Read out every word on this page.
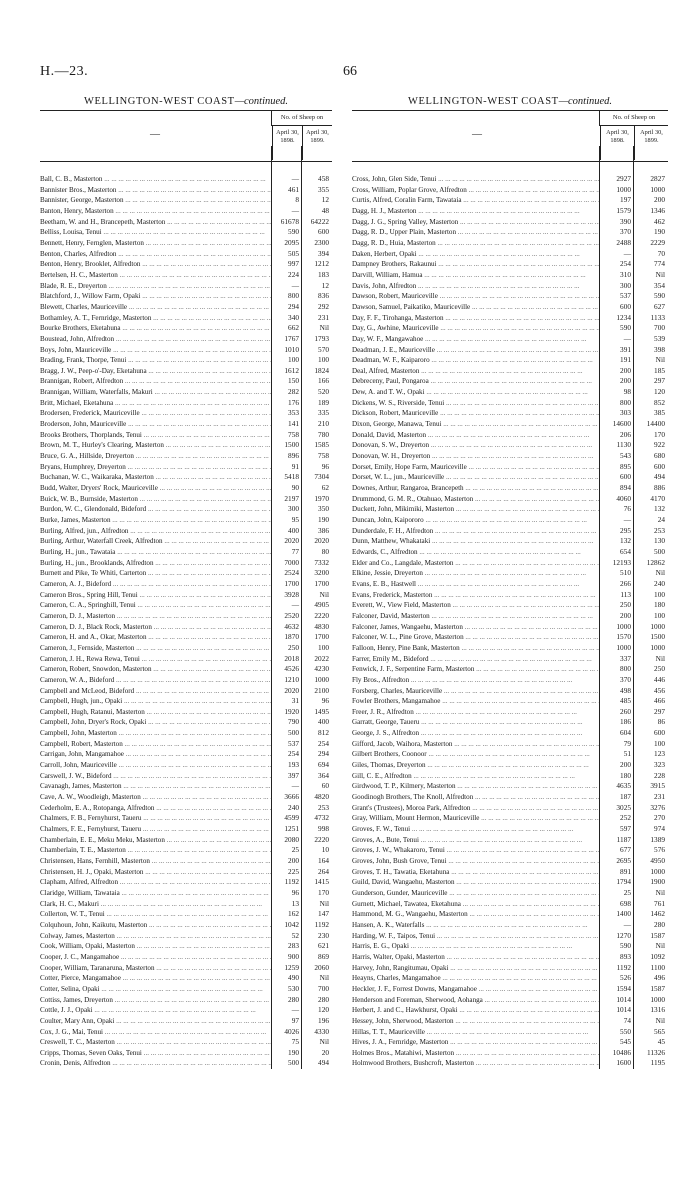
H.—23.	66
WELLINGTON-WEST COAST—continued.
—
No. of Sheep on
April 30, 1898.
April 30, 1899.
Ball, C. B., Masterton ... .	—	458
Bannister Bros., Masterton ... .	461	355
Bannister, George, Masterton ... .	8	12
Banton, Henry, Masterton ... .	—	48
Beetham, W. and H., Brancepeth, Masterton ... .	61678	64222
Belliss, Louisa, Tenui ... .	590	600
Bennett, Henry, Fernglen, Masterton ... .	2095	2300
Benton, Charles, Alfredton ... .	505	394
Benton, Henry, Brooklet, Alfredton ... .	997	1212
Bertelsen, H. C., Masterton ... .	224	183
Blade, R. E., Dreyerton ... .	—	12
Blatchford, J., Willow Farm, Opaki ... .	800	836
Blewett, Charles, Mauriceville ... .	294	292
Bothamley, A. T., Fernridge, Masterton ... .	340	231
Bourke Brothers, Eketahuna ... .	662	Nil
Boustead, John, Alfredton ... .	1767	1793
Boys, John, Mauriceville ... .	1010	570
Brading, Frank, Thorpe, Tenui ... .	100	100
Bragg, J. W., Peep-o'-Day, Eketahuna ... .	1612	1824
Brannigan, Robert, Alfredton ... .	150	166
Brannigan, William, Waterfalls, Makuri ... .	282	520
Britt, Michael, Eketahuna ... .	176	189
Brodersen, Frederick, Mauriceville ... .	353	335
Broderson, John, Mauriceville ... .	141	210
Brooks Brothers, Thorplands, Tenui ... .	758	780
Brown, M. T., Hurley's Clearing, Masterton ... .	1500	1585
Bruce, G. A., Hillside, Dreyerton ... .	896	758
Bryans, Humphrey, Dreyerton ... .	91	96
Buchanan, W. C., Waikaraka, Masterton ... .	5418	7304
Budd, Walter, Dryers' Rock, Mauriceville ... .	90	62
Buick, W. B., Burnside, Masterton ... .	2197	1970
Burdon, W. C., Glendonald, Bideford ... .	300	350
Burke, James, Masterton ... .	95	190
Burling, Alfred, jun., Alfredton ... .	400	386
Burling, Arthur, Waterfall Creek, Alfredton ... .	2020	2020
Burling, H., jun., Tawataia ... .	77	80
Burling, H., jun., Brooklands, Alfredton ... .	7000	7332
Burnett and Pike, Te Whiti, Carterton ... .	2524	3200
Cameron, A. J., Bideford ... .	1700	1700
Cameron Bros., Spring Hill, Tenui ... .	3928	Nil
Cameron, C. A., Springhill, Tenui ... .	—	4905
Cameron, D. J., Masterton ... .	2520	2220
Cameron, D. J., Black Rock, Masterton ... .	4632	4830
Cameron, H. and A., Okar, Masterton ... .	1870	1700
Cameron, J., Fernside, Masterton ... .	250	100
Cameron, J. H., Rewa Rewa, Tenui ... .	2018	2022
Cameron, Robert, Snowdon, Masterton ... .	4526	4230
Cameron, W. A., Bideford ... .	1210	1000
Campbell and McLeod, Bideford ... .	2020	2100
Campbell, Hugh, jun., Opaki ... .	31	96
Campbell, Hugh, Ratanui, Masterton ... .	1920	1495
Campbell, John, Dryer's Rock, Opaki ... .	790	400
Campbell, John, Masterton ... .	500	812
Campbell, Robert, Masterton ... .	537	254
Carrigan, John, Mangamahoe ... .	254	294
Carroll, John, Mauriceville ... .	193	694
Carswell, J. W., Bideford ... .	397	364
Cavanagh, James, Masterton ... .	—	60
Cave, A. W., Woodleigh, Masterton ... .	3666	4820
Cederholm, E. A., Rotopanga, Alfredton ... .	240	253
Chalmers, F. B., Fernyhurst, Taueru ... .	4599	4732
Chalmers, F. E., Fernyhurst, Taueru ... .	1251	998
Chamberlain, E. E., Meku Meku, Masterton ... .	2080	2220
Chamberlain, T. E., Masterton ... .	25	10
Christensen, Hans, Fernhill, Masterton ... .	200	164
Christensen, H. J., Opaki, Masterton ... .	225	264
Clapham, Alfred, Alfredton ... .	1192	1415
Claridge, William, Tawataia ... .	96	170
Clark, H. C., Makuri ... .	13	Nil
Collerton, W. T., Tenui ... .	162	147
Colquhoun, John, Kaikutu, Masterton ... .	1042	1192
Colway, James, Masterton ... .	52	230
Cook, William, Opaki, Masterton ... .	283	621
Cooper, J. C., Mangamahoe ... .	900	869
Cooper, William, Taranaruna, Masterton ... .	1259	2060
Cotter, Pierce, Mangamahoe ... .	490	Nil
Cotter, Selina, Opaki ... .	530	700
Cottiss, James, Dreyerton ... .	280	280
Cottle, J. J., Opaki ... .	—	120
Coulter, Mary Ann, Opaki ... .	97	196
Cox, J. G., Mai, Tenui ... .	4026	4330
Creswell, T. C., Masterton ... .	75	Nil
Cripps, Thomas, Seven Oaks, Tenui ... .	190	20
Cronin, Denis, Alfredton ... .	500	494
WELLINGTON-WEST COAST—continued.
—
No. of Sheep on
April 30, 1898.
April 30, 1899.
Cross, John, Glen Side, Tenui ... .	2927	2827
Cross, William, Poplar Grove, Alfredton ... .	1000	1000
Curtis, Alfred, Coralin Farm, Tawataia ... .	197	200
Dagg, H. J., Masterton ... .	1579	1346
Dagg, J. G., Spring Valley, Masterton ... .	390	462
Dagg, R. D., Upper Plain, Masterton ... .	370	190
Dagg, R. D., Huia, Masterton ... .	2488	2229
Daken, Herbert, Opaki ... .	—	70
Dampney Brothers, Rakaunui ... .	254	774
Darvill, William, Hamua ... .	310	Nil
Davis, John, Alfredton ... .	300	354
Dawson, Robert, Mauriceville ... .	537	590
Dawson, Samuel, Paikatiko, Mauriceville ... .	600	627
Day, F. F., Tirohanga, Masterton ... .	1234	1133
Day, G., Awhine, Mauriceville ... .	590	700
Day, W. F., Mangawahoe ... .	—	539
Deadman, J. E., Mauriceville ... .	391	398
Deadman, W. F., Kaiparoro ... .	191	Nil
Deal, Alfred, Masterton ... .	200	185
Debreceny, Paul, Pongaroa ... .	200	297
Dew, A. and T. W., Opaki ... .	98	120
Dickens, W. S., Riverside, Tenui ... .	800	852
Dickson, Robert, Mauriceville ... .	303	385
Dixon, George, Manawa, Tenui ... .	14600	14400
Donald, David, Masterton ... .	206	170
Donovan, S. W., Dreyerton ... .	1130	922
Donovan, W. H., Dreyerton ... .	543	680
Dorset, Emily, Hope Farm, Mauriceville ... .	895	600
Dorset, W. L., jun., Mauriceville ... .	600	494
Downes, Arthur, Rangaroa, Brancepeth ... .	894	886
Drummond, G. M. R., Otahuao, Masterton ... .	4060	4170
Duckett, John, Mikimiki, Masterton ... .	76	132
Duncan, John, Kaipororo ... .	—	24
Dunderdale, F. H., Alfredton ... .	295	253
Dunn, Matthew, Whakataki ... .	132	130
Edwards, C., Alfredton ... .	654	500
Elder and Co., Langdale, Masterton ... .	12193	12862
Elkine, Jessie, Dreyerton ... .	510	Nil
Evans, E. B., Hastwell ... .	266	240
Evans, Frederick, Masterton ... .	113	100
Everett, W., View Field, Masterton ... .	250	180
Falconer, David, Masterton ... .	200	100
Falconer, James, Wangaehu, Masterton ... .	1000	1000
Falconer, W. L., Pine Grove, Masterton ... .	1570	1500
Falloon, Henry, Pine Bank, Masterton ... .	1000	1000
Farrer, Emily M., Bideford ... .	337	Nil
Fenwick, J. F., Serpentine Farm, Masterton ... .	800	250
Fly Bros., Alfredton ... .	370	446
Forsberg, Charles, Mauriceville ... .	498	456
Fowler Brothers, Mangamahoe ... .	485	466
Freer, J. R., Alfredton ... .	260	297
Garratt, George, Taueru ... .	186	86
George, J. S., Alfredton ... .	604	600
Gifford, Jacob, Waihora, Masterton ... .	79	100
Gilbert Brothers, Coonoor ... .	51	123
Giles, Thomas, Dreyerton ... .	200	323
Gill, C. E., Alfredton ... .	180	228
Girdwood, T. P., Kilmery, Masterton ... .	4635	3915
Goodinogh Brothers, The Knoll, Alfredton ... .	187	231
Grant's (Trustees), Moroa Park, Alfredton ... .	3025	3276
Gray, William, Mount Hermon, Mauriceville ... .	252	270
Groves, F. W., Tenui ... .	597	974
Groves, A., Bute, Tenui ... .	1187	1389
Groves, J. W., Whakaroro, Tenui ... .	677	576
Groves, John, Bush Grove, Tenui ... .	2695	4950
Groves, T. H., Tawatia, Eketahuna ... .	891	1000
Guild, David, Wangaehu, Masterton ... .	1794	1900
Gunderson, Gunder, Mauriceville ... .	25	Nil
Gurnett, Michael, Tawatea, Eketahuna ... .	698	761
Hammond, M. G., Wangaehu, Masterton ... .	1400	1462
Hansen, A. K., Waterfalls ... .	—	280
Harding, W. F., Taipos, Tenui ... .	1270	1587
Harris, E. G., Opaki ... .	590	Nil
Harris, Walter, Opaki, Masterton ... .	893	1092
Harvey, John, Rangitumau, Opaki ... .	1192	1100
Heayns, Charles, Mangamahoe ... .	526	496
Heckler, J. F., Forrest Downs, Mangamahoe ... .	1594	1587
Henderson and Foreman, Sherwood, Aohanga ... .	1014	1000
Herbert, J. and C., Hawkhurst, Opaki ... .	1014	1316
Hessey, John, Sherwood, Masterton ... .	74	Nil
Hillas, T. T., Mauriceville ... .	550	565
Hives, J. A., Fernridge, Masterton ... .	545	45
Holmes Bros., Matahiwi, Masterton ... .	10486	11326
Holmwood Brothers, Bushcroft, Masterton ... .	1600	1195
